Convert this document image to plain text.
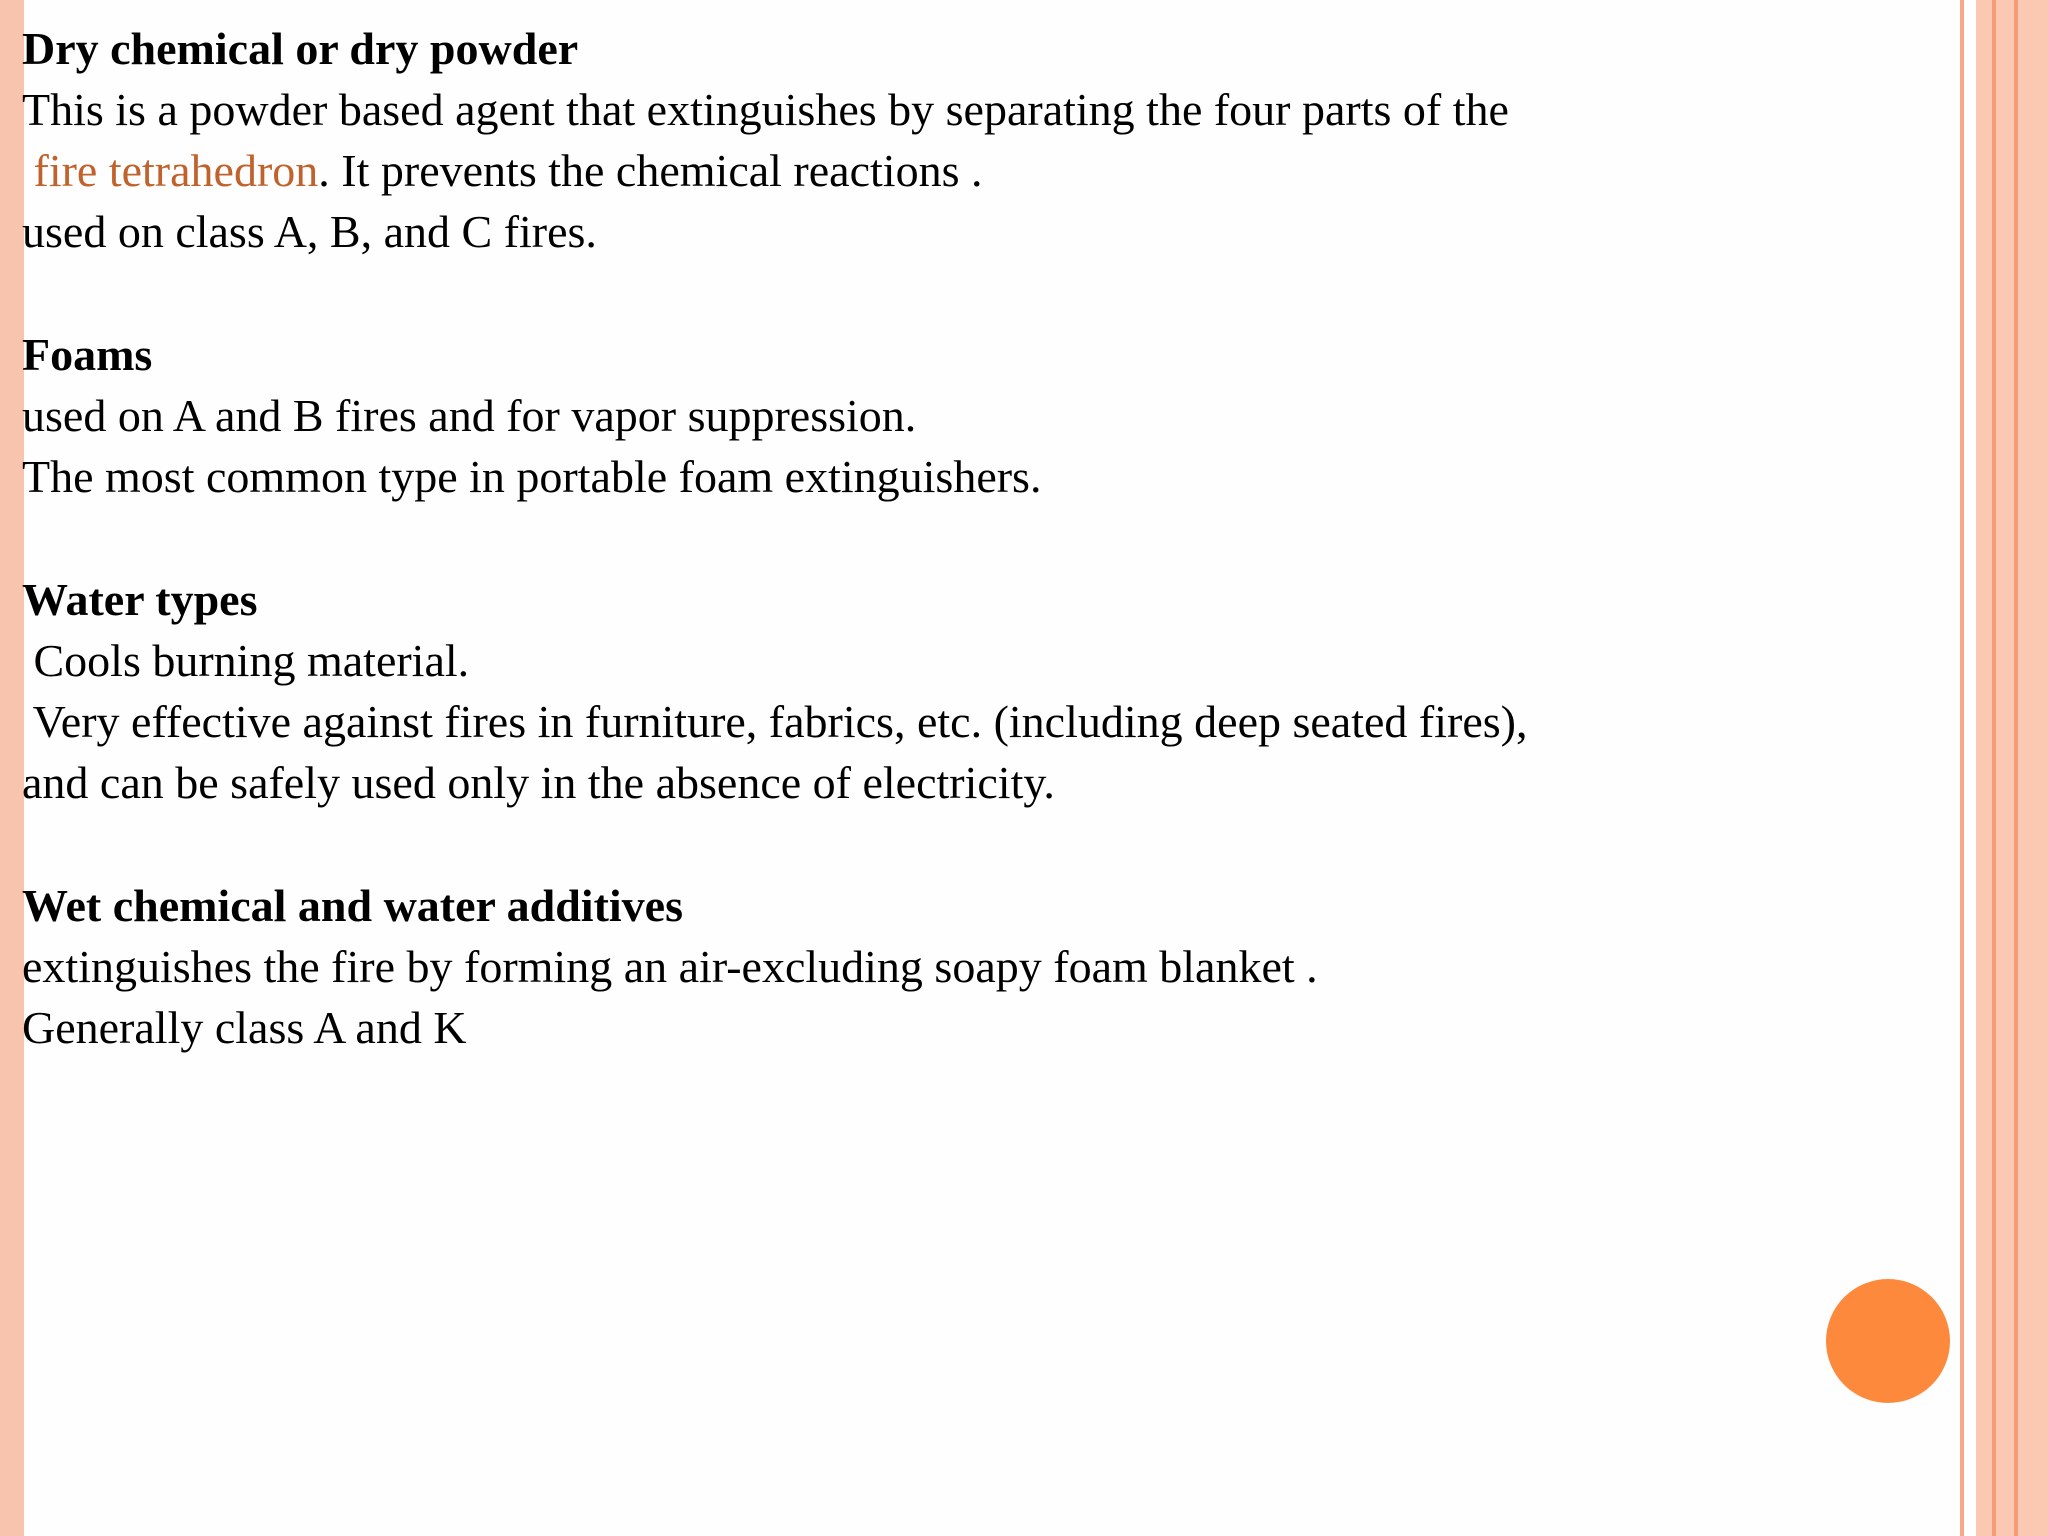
Dry chemical or dry powder
This is a powder based agent that extinguishes by separating the four parts of the
fire tetrahedron. It prevents the chemical reactions .
used on class A, B, and C fires.
Foams
used on A and B fires and for vapor suppression.
The most common type in portable foam extinguishers.
Water types
Cools burning material.
Very effective against fires in furniture, fabrics, etc. (including deep seated fires),
and can be safely used only in the absence of electricity.
Wet chemical and water additives
extinguishes the fire by forming an air-excluding soapy foam blanket .
Generally class A and K
